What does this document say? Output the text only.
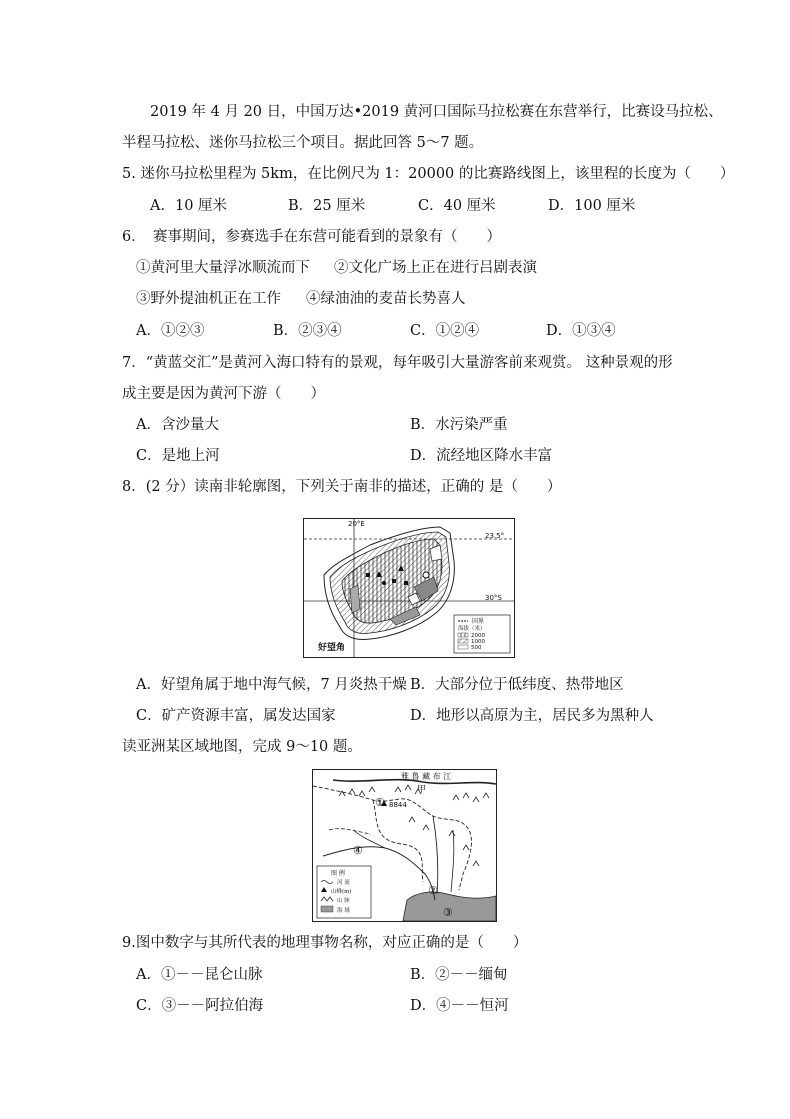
2019 年 4 月 20 日，中国万达•2019 黄河口国际马拉松赛在东营举行，比赛设马拉松、
半程马拉松、迷你马拉松三个项目。据此回答 5～7 题。
5. 迷你马拉松里程为 5km，在比例尺为 1：20000 的比赛路线图上，该里程的长度为（　　）
A．10 厘米	B．25 厘米	C．40 厘米	D．100 厘米
6．　赛事期间，参赛选手在东营可能看到的景象有（　　）
①黄河里大量浮冰顺流而下 ②文化广场上正在进行吕剧表演
③野外提油机正在工作 ④绿油油的麦苗长势喜人
A．①②③	B．②③④	C．①②④	D．①③④
7．“黄蓝交汇”是黄河入海口特有的景观，每年吸引大量游客前来观赏。 这种景观的形
成主要是因为黄河下游（　　）
A．含沙量大	B．水污染严重
C．是地上河	D．流经地区降水丰富
8．(2 分）读南非轮廓图，下列关于南非的描述，正确的 是（　　）
20°E
23.5°
30°S
好望角
国界
海拔（米）
2000
1000
500
A．好望角属于地中海气候，7 月炎热干燥 B．大部分位于低纬度、热带地区
C．矿产资源丰富，属发达国家	D．地形以高原为主，居民多为黑种人
读亚洲某区域地图，完成 9～10 题。
雅 鲁 藏 布 江
8844
甲
①
②
③
④
图 例
河 流
山峰(m)
山 脉
海 域
9.图中数字与其所代表的地理事物名称，对应正确的是（　　）
A．①－－昆仑山脉	B．②－－缅甸
C．③－－阿拉伯海	D．④－－恒河
